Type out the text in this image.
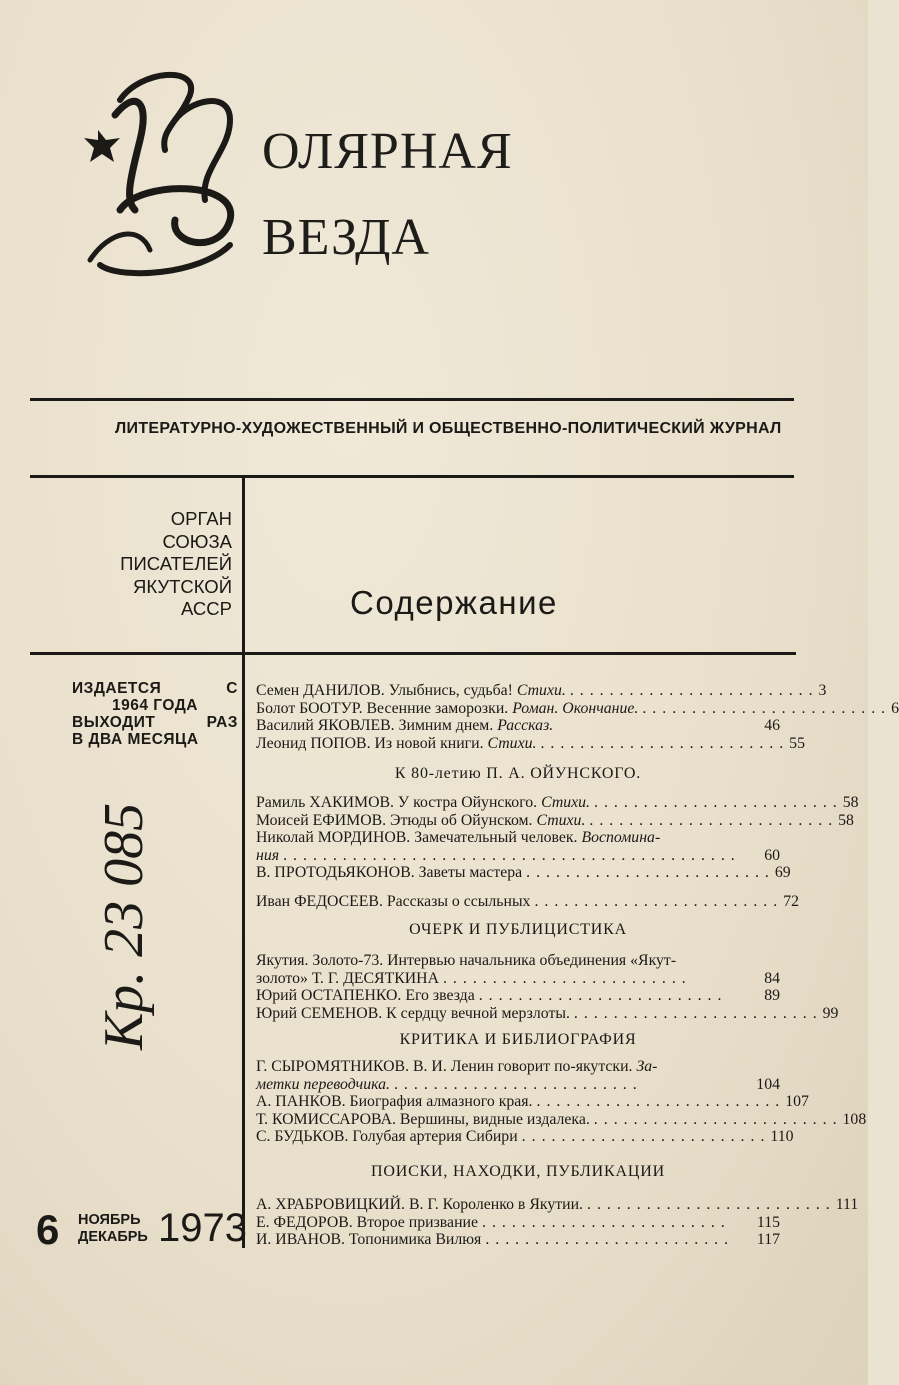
ОЛЯРНАЯ
ВЕЗДА
ЛИТЕРАТУРНО-ХУДОЖЕСТВЕННЫЙ И ОБЩЕСТВЕННО-ПОЛИТИЧЕСКИЙ ЖУРНАЛ
ОРГАН
СОЮЗА
ПИСАТЕЛЕЙ
ЯКУТСКОЙ
АССР	Содержание
ИЗДАЕТСЯ	С
1964 ГОДА
ВЫХОДИТ	РАЗ
В ДВА МЕСЯЦА
Кр. 23 085
Семен ДАНИЛОВ. Улыбнись, судьба! Стихи. ......................... 3
Болот БООТУР. Весенние заморозки. Роман. Окончание. ......................... 6
Василий ЯКОВЛЕВ. Зимним днем. Рассказ.	46
Леонид ПОПОВ. Из новой книги. Стихи. ......................... 55
К 80-летию П. А. ОЙУНСКОГО.
Рамиль ХАКИМОВ. У костра Ойунского. Стихи. ......................... 58
Моисей ЕФИМОВ. Этюды об Ойунском. Стихи. ......................... 58
Николай МОРДИНОВ. Замечательный человек. Воспомина-
ния ..............................................	60
В. ПРОТОДЬЯКОНОВ. Заветы мастера ......................... 69
Иван ФЕДОСЕЕВ. Рассказы о ссыльных ......................... 72
ОЧЕРК И ПУБЛИЦИСТИКА
Якутия. Золото-73. Интервью начальника объединения «Якут-
золото» Т. Г. ДЕСЯТКИНА .........................	84
Юрий ОСТАПЕНКО. Его звезда .........................	89
Юрий СЕМЕНОВ. К сердцу вечной мерзлоты. ......................... 99
КРИТИКА И БИБЛИОГРАФИЯ
Г. СЫРОМЯТНИКОВ. В. И. Ленин говорит по-якутски. За-
метки переводчика. .........................	104
А. ПАНКОВ. Биография алмазного края. ......................... 107
Т. КОМИССАРОВА. Вершины, видные издалека. ......................... 108
С. БУДЬКОВ. Голубая артерия Сибири ......................... 110
ПОИСКИ, НАХОДКИ, ПУБЛИКАЦИИ
А. ХРАБРОВИЦКИЙ. В. Г. Короленко в Якутии. ......................... 111
Е. ФЕДОРОВ. Второе призвание .........................	115
И. ИВАНОВ. Топонимика Вилюя .........................	117
6 НОЯБРЬ
ДЕКАБРЬ 1973
